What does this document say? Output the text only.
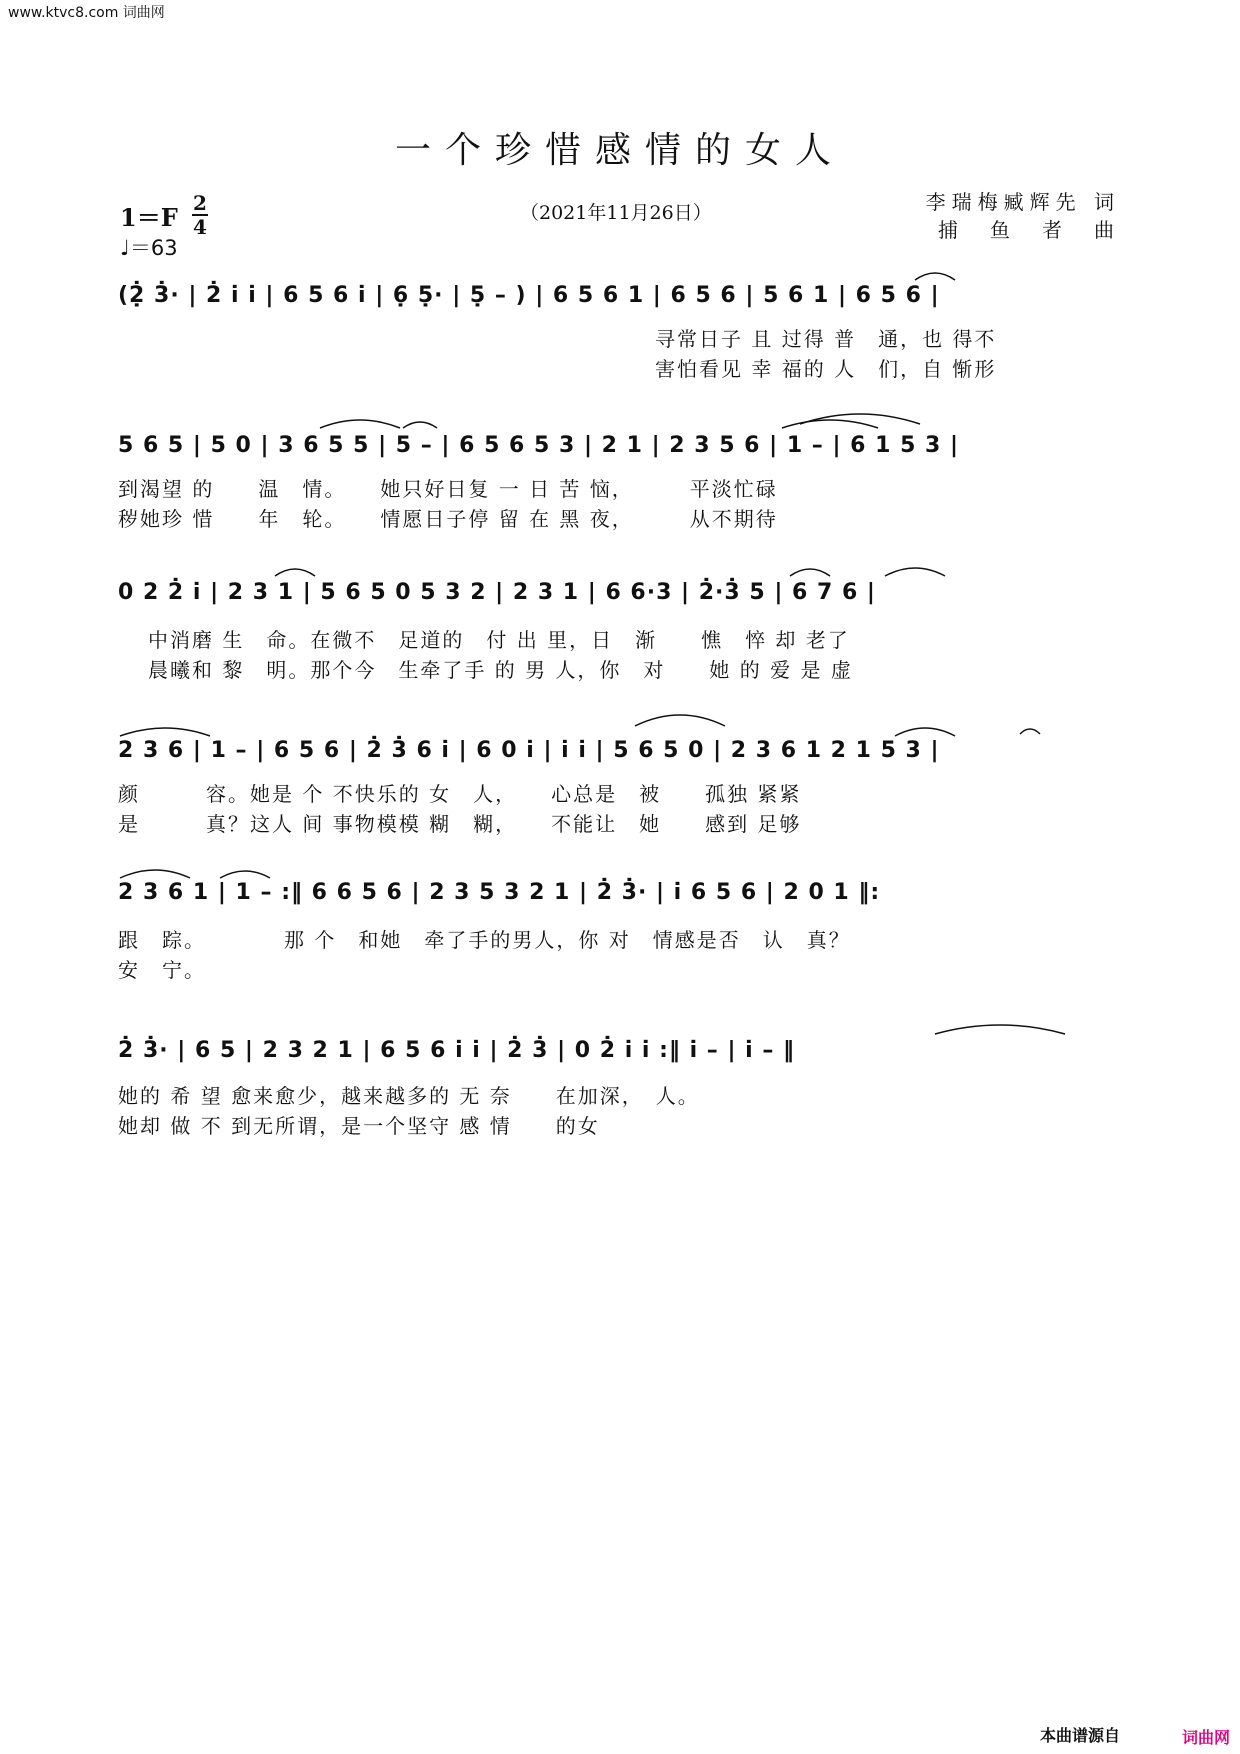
www.ktvc8.com 词曲网
一个珍惜感情的女人
1＝F 2
4
♩＝63
（2021年11月26日）	李瑞梅臧辉先 词
捕　鱼　者　曲
(2̣̇ 3̇· | 2̇ i̇ i̇ | 6 5 6 i̇ | 6̣ 5̣· | 5̣ – ) | 6 5 6 1 | 6 5 6 | 5 6 1 | 6 5 6 |
寻常日子 且 过得 普　通，也 得不
害怕看见 幸 福的 人　们，自 惭形
5 6 5 | 5 0 | 3 6 5 5 | 5 – | 6 5 6 5 3 | 2 1 | 2 3 5 6 | 1 – | 6 1 5 3 |
到渴望 的　　温　情。　　她只好日复 一 日 苦 恼，　　　平淡忙碌
秽她珍 惜　　年　轮。　　情愿日子停 留 在 黑 夜，　　　从不期待
0 2 2̇ i̇ | 2 3 1 | 5 6 5 0 5 3 2 | 2 3 1 | 6 6·3 | 2̇·3̇ 5 | 6 7 6 |
中消磨 生　命。在微不　足道的　付 出 里，日　渐　　憔　悴 却 老了
晨曦和 黎　明。那个今　生牵了手 的 男 人，你　对　　她 的 爱 是 虚
2 3 6 | 1 – | 6 5 6 | 2̇ 3̇ 6 i̇ | 6 0 i̇ | i̇ i̇ | 5 6 5 0 | 2 3 6 1 2 1 5 3 |
颜　　　容。她是 个 不快乐的 女　人，　　心总是　被　　孤独 紧紧
是　　　真？这人 间 事物模模 糊　糊，　　不能让　她　　感到 足够
2 3 6 1 | 1 – :‖ 6 6 5 6 | 2 3 5 3 2 1 | 2̇ 3̇· | i̇ 6 5 6 | 2 0 1 ‖:
跟　踪。　　　　那 个　和她　牵了手的男人，你 对　情感是否　认　真？
安　宁。
2̇ 3̇· | 6 5 | 2 3 2 1 | 6 5 6 i̇ i̇ | 2̇ 3̇ | 0 2̇ i̇ i̇ :‖ i̇ – | i̇ – ‖
她的 希 望 愈来愈少，越来越多的 无 奈　　在加深，　人。
她却 做 不 到无所谓，是一个坚守 感 情　　的女
本曲谱源自	词曲网
